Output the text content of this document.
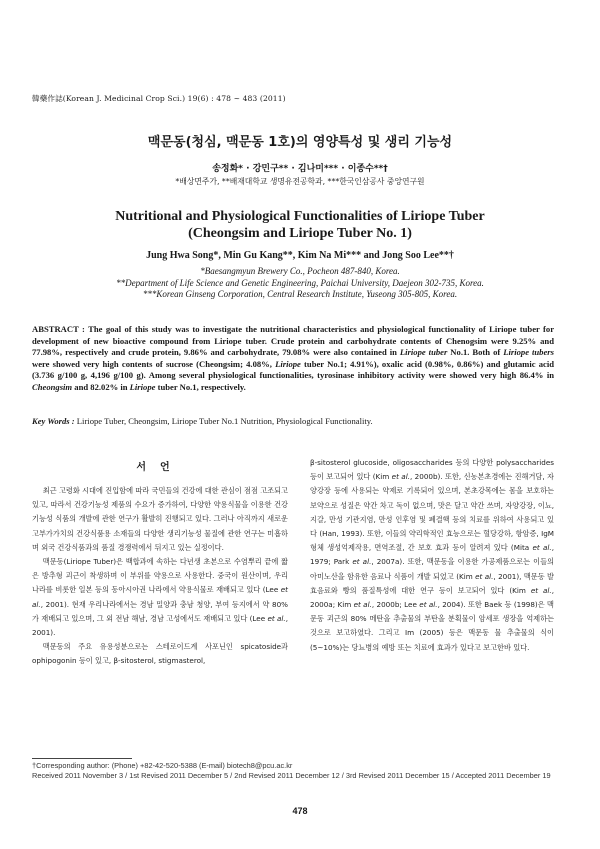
韓藥作誌(Korean J. Medicinal Crop Sci.) 19(6) : 478 ~ 483 (2011)
맥문동(청심, 맥문동 1호)의 영양특성 및 생리 기능성
송정화* · 강민구** · 김나미*** · 이종수**†
*배상면주가, **배재대학교 생명유전공학과, ***한국인삼공사 중앙연구원
Nutritional and Physiological Functionalities of Liriope Tuber
(Cheongsim and Liriope Tuber No. 1)
Jung Hwa Song*, Min Gu Kang**, Kim Na Mi*** and Jong Soo Lee**†
*Baesangmyun Brewery Co., Pocheon 487-840, Korea.
**Department of Life Science and Genetic Engineering, Paichai University, Daejeon 302-735, Korea.
***Korean Ginseng Corporation, Central Research Institute, Yuseong 305-805, Korea.
ABSTRACT : The goal of this study was to investigate the nutritional characteristics and physiological functionality of Liriope tuber for development of new bioactive compound from Liriope tuber. Crude protein and carbohydrate contents of Chenogsim were 9.25% and 77.98%, respectively and crude protein, 9.86% and carbohydrate, 79.08% were also contained in Liriope tuber No.1. Both of Liriope tubers were showed very high contents of sucrose (Cheongsim; 4.08%, Liriope tuber No.1; 4.91%), oxalic acid (0.98%, 0.86%) and glutamic acid (3.736 g/100 g, 4,196 g/100 g). Among several physiological functionalities, tyrosinase inhibitory activity were showed very high 86.4% in Cheongsim and 82.02% in Liriope tuber No.1, respectively.
Key Words : Liriope Tuber, Cheongsim, Liriope Tuber No.1 Nutrition, Physiological Functionality.
서언

최근 고령화 시대에 진입함에 따라 국민들의 건강에 대한 관심이 점점 고조되고 있고, 따라서 건강기능성 제품의 수요가 증가하여, 다양한 약용식물을 이용한 건강기능성 식품의 개발에 관한 연구가 활발히 진행되고 있다. 그러나 아직까지 새로운 고부가가치의 건강식품용 소재들의 다양한 생리기능성 물질에 관한 연구는 미흡하며 외국 건강식품과의 품질 경쟁력에서 뒤지고 있는 실정이다.

맥문동(Liriope Tuber)은 백합과에 속하는 다년생 초본으로 수염뿌리 끝에 짧은 방추형 괴근이 착생하며 이 부위를 약용으로 사용한다. 중국이 원산이며, 우리나라를 비롯한 일본 등의 동아시아권 나라에서 약용식물로 재배되고 있다 (Lee et al., 2001). 현재 우리나라에서는 경남 밀양과 충남 청양, 부여 등지에서 약 80%가 재배되고 있으며, 그 외 전남 해남, 경남 고성에서도 재배되고 있다 (Lee et al., 2001).

맥문동의 주요 유용성분으로는 스테로이드계 사포닌인 spicatoside과 ophipogonin 등이 있고, β-sitosterol, stigmasterol,

β-sitosterol glucoside, oligosaccharides 등의 다양한 polysaccharides등이 보고되어 있다 (Kim et al., 2000b). 또한, 신농본초경에는 진해거담, 자양강장 등에 사용되는 약제로 기록되어 있으며, 본초강목에는 몸을 보호하는 보약으로 성질은 약간 차고 독이 없으며, 맛은 달고 약간 쓰며, 자양강장, 이뇨, 지갈, 만성 기관지염, 만성 인후염 및 폐결핵 등의 치료를 위하여 사용되고 있다 (Han, 1993). 또한, 이들의 약리학적인 효능으로는 혈당강하, 항암증, IgM 형체 생성억제작용, 면역조절, 간 보호 효과 등이 알려져 있다 (Mita et al., 1979; Park et al., 2007a). 또한, 맥문동을 이용한 가공제품으로는 이들의 아미노산을 함유한 음료나 식품이 개발 되었고 (Kim et al., 2001), 맥문동 발효음료와 빵의 품질특성에 대한 연구 등이 보고되어 있다 (Kim et al., 2000a; Kim et al., 2000b; Lee et al., 2004). 또한 Baek 등 (1998)은 맥문동 괴근의 80% 메탄올 추출물의 부탄올 분획물이 암세포 생장을 억제하는 것으로 보고하였다. 그리고 Im (2005) 등은 맥문동 물 추출물의 식이(5~10%)는 당뇨병의 예방 또는 치료에 효과가 있다고 보고한바 있다.

†Corresponding author: (Phone) +82-42-520-5388 (E-mail) biotech8@pcu.ac.kr
Received 2011 November 3 / 1st Revised 2011 December 5 / 2nd Revised 2011 December 12 / 3rd Revised 2011 December 15 / Accepted 2011 December 19
478
